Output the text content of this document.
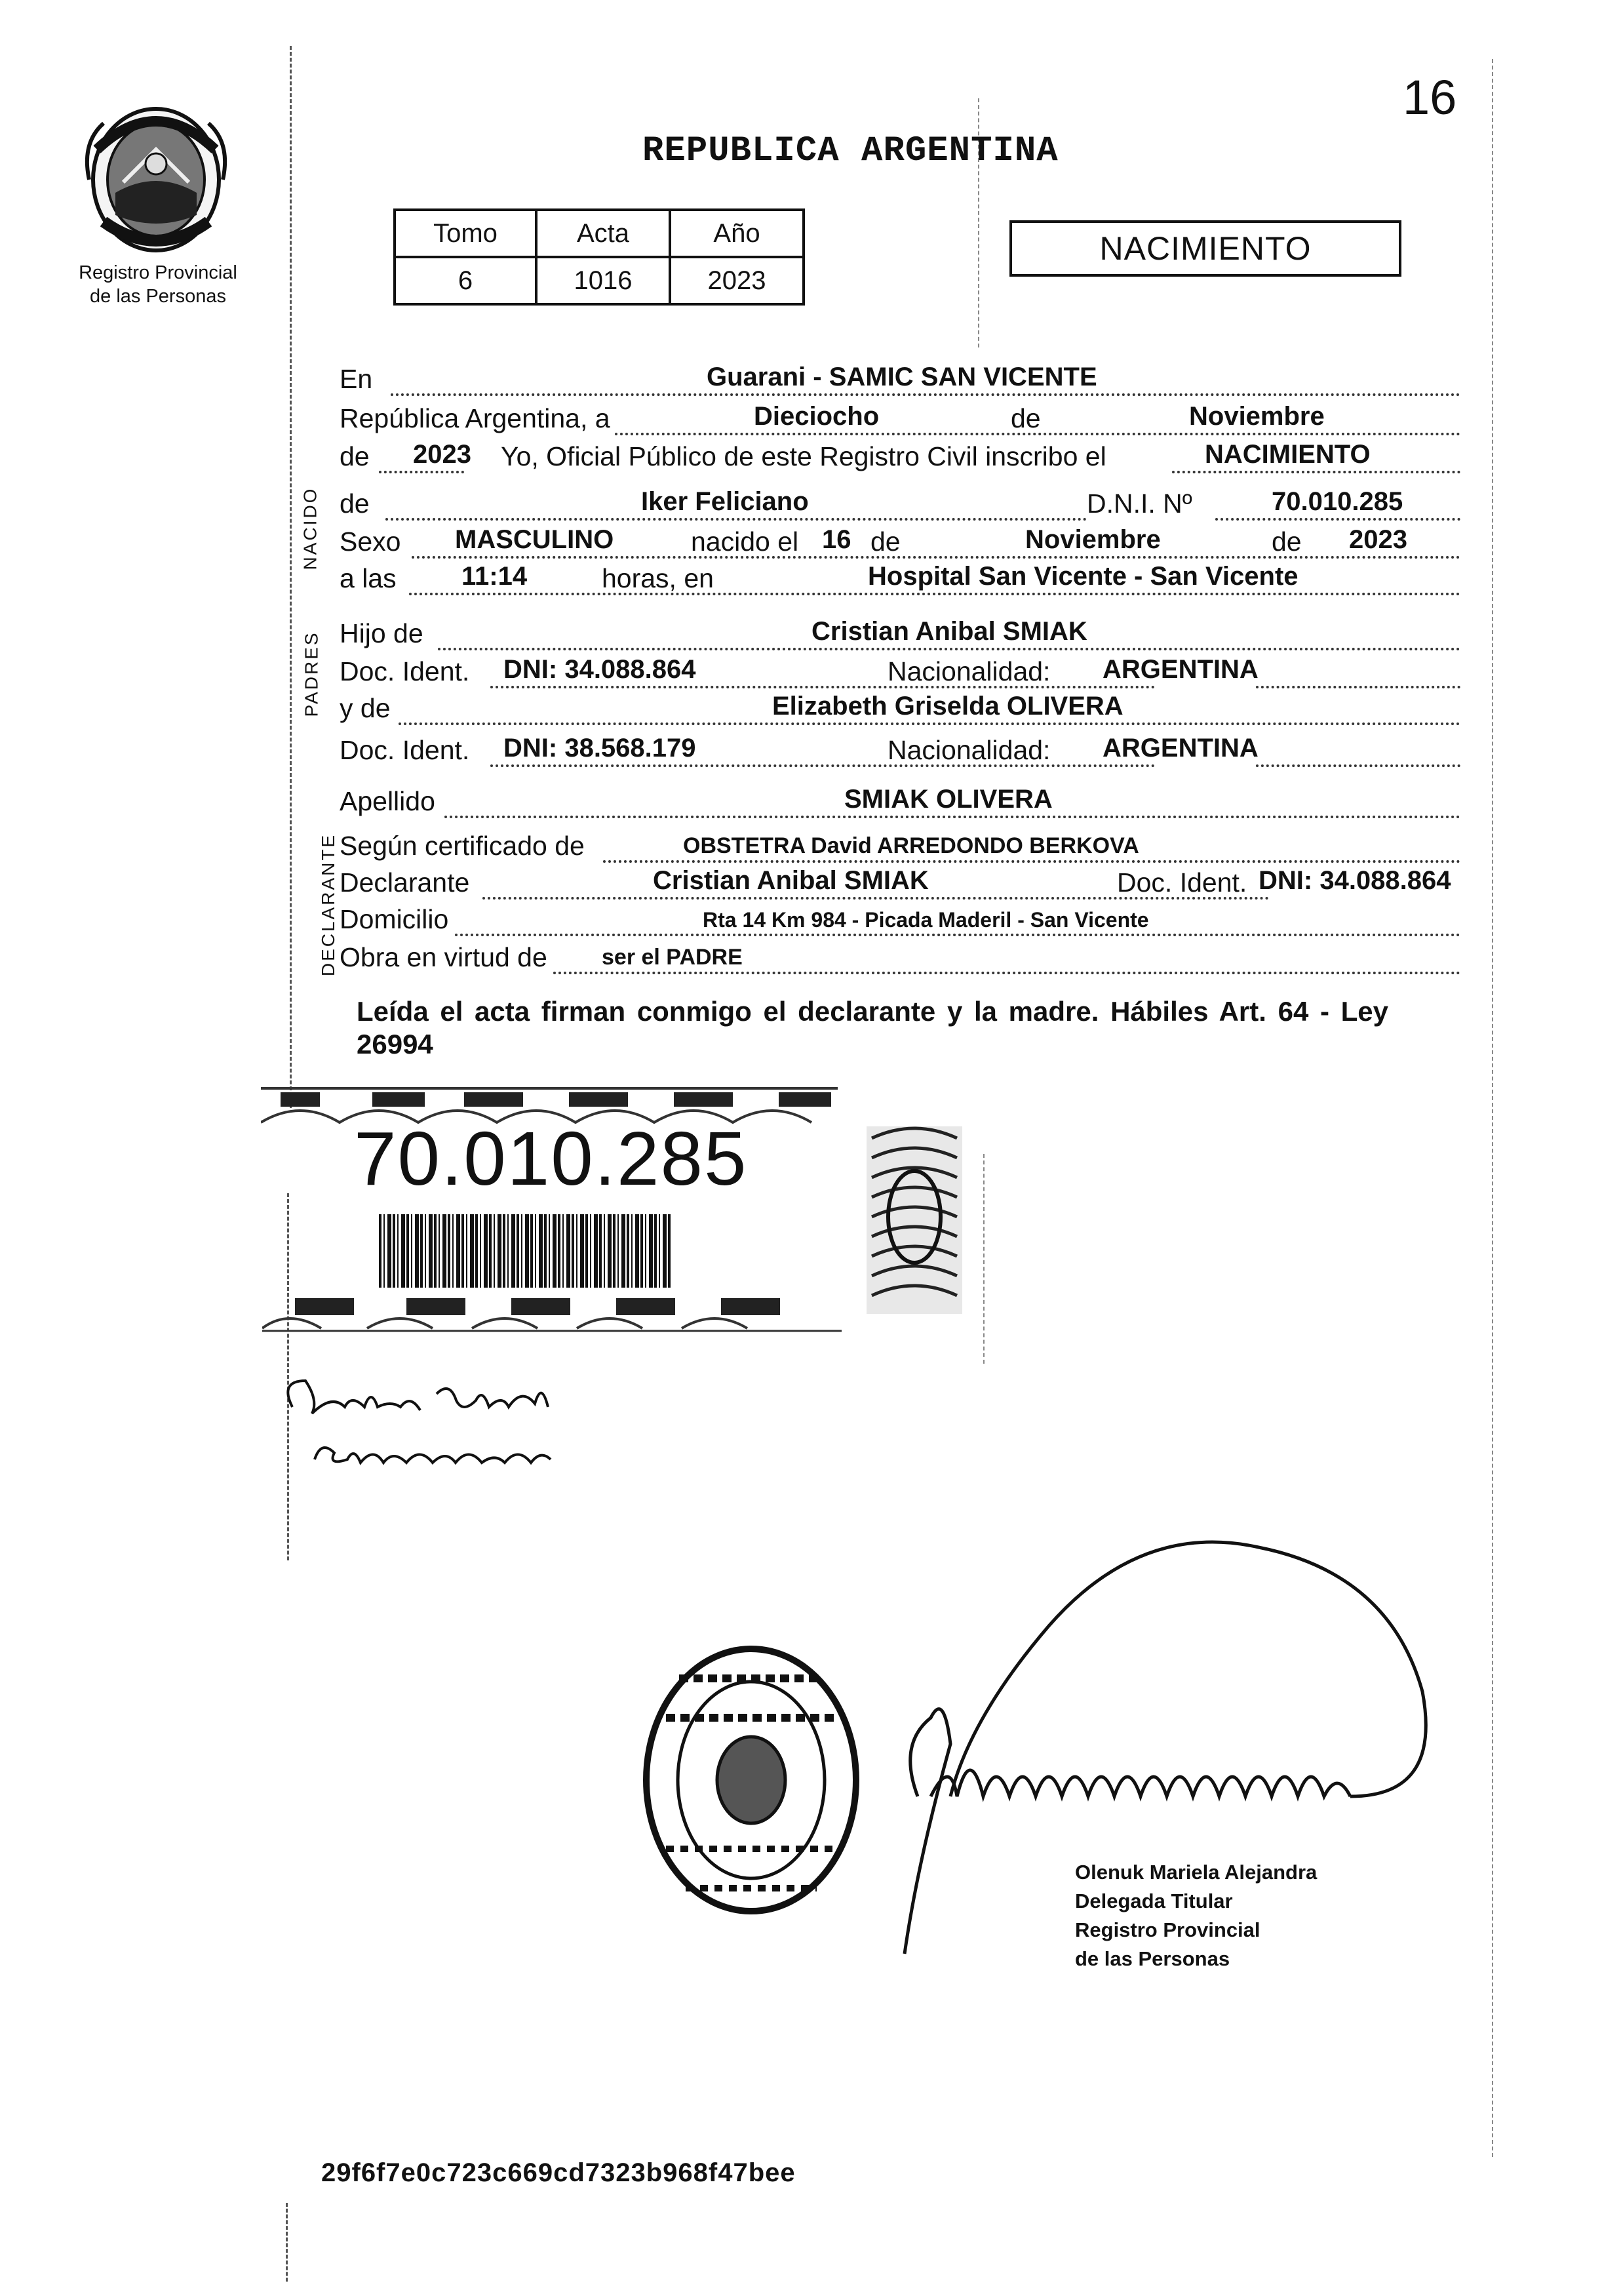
16
Registro Provincial
de las Personas
REPUBLICA ARGENTINA
Tomo	Acta	Año
6	1016	2023
NACIMIENTO
NACIDO
PADRES
DECLARANTE
En	Guarani - SAMIC SAN VICENTE
República Argentina, a	Dieciocho	de	Noviembre
de 2023 Yo, Oficial Público de este Registro Civil inscribo el	NACIMIENTO
de	Iker Feliciano	D.N.I. Nº	70.010.285
Sexo MASCULINO	nacido el 16 de	Noviembre	de 2023
a las 11:14	horas, en	Hospital San Vicente - San Vicente
Hijo de	Cristian Anibal SMIAK
Doc. Ident. DNI: 34.088.864	Nacionalidad: ARGENTINA
y de	Elizabeth Griselda OLIVERA
Doc. Ident. DNI: 38.568.179	Nacionalidad: ARGENTINA
Apellido	SMIAK OLIVERA
Según certificado de	OBSTETRA David ARREDONDO BERKOVA
Declarante	Cristian Anibal SMIAK	Doc. Ident. DNI: 34.088.864
Domicilio	Rta 14 Km 984 - Picada Maderil - San Vicente
Obra en virtud de ser el PADRE
Leída el acta firman conmigo el declarante y la madre. Hábiles Art. 64 - Ley 26994
70.010.285
Olenuk Mariela Alejandra
Delegada Titular
Registro Provincial
de las Personas
29f6f7e0c723c669cd7323b968f47bee
